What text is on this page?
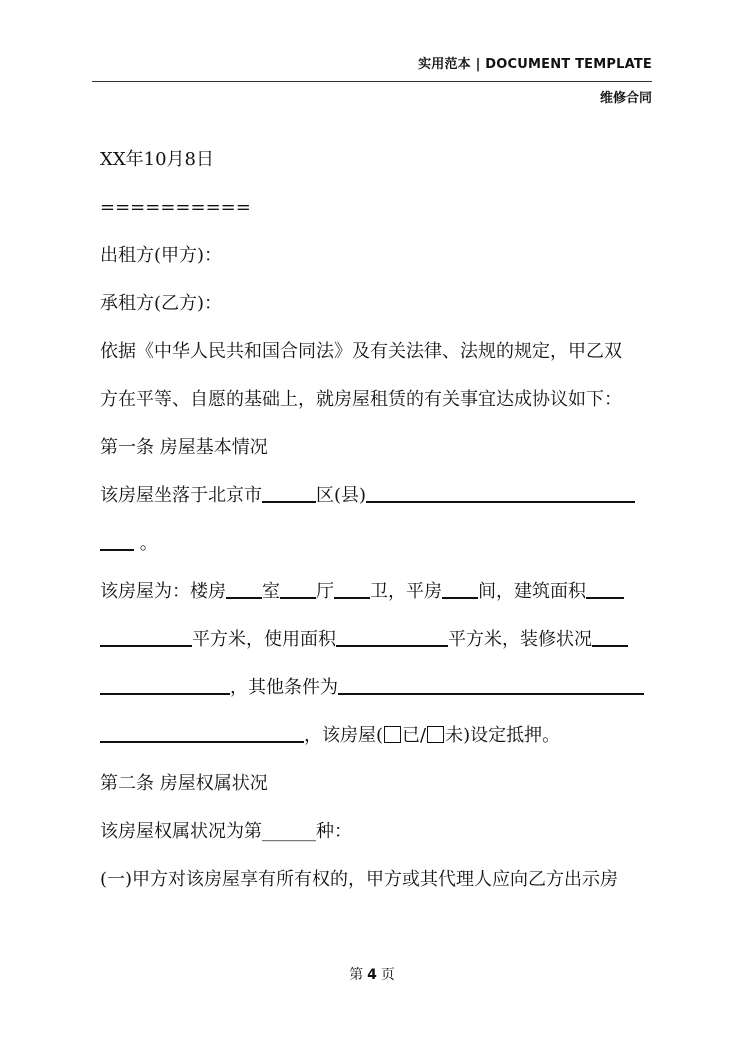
实用范本 | DOCUMENT TEMPLATE
维修合同
XX年10月8日
==========
出租方(甲方)：
承租方(乙方)：
依据《中华人民共和国合同法》及有关法律、法规的规定，甲乙双
方在平等、自愿的基础上，就房屋租赁的有关事宜达成协议如下：
第一条 房屋基本情况
该房屋坐落于北京市	区(县)
。
该房屋为：楼房 室 厅 卫，平房 间，建筑面积
平方米，使用面积	平方米，装修状况
，其他条件为
，该房屋( 已/ 未)设定抵押。
第二条 房屋权属状况
该房屋权属状况为第______种：
(一)甲方对该房屋享有所有权的，甲方或其代理人应向乙方出示房
第 4 页
